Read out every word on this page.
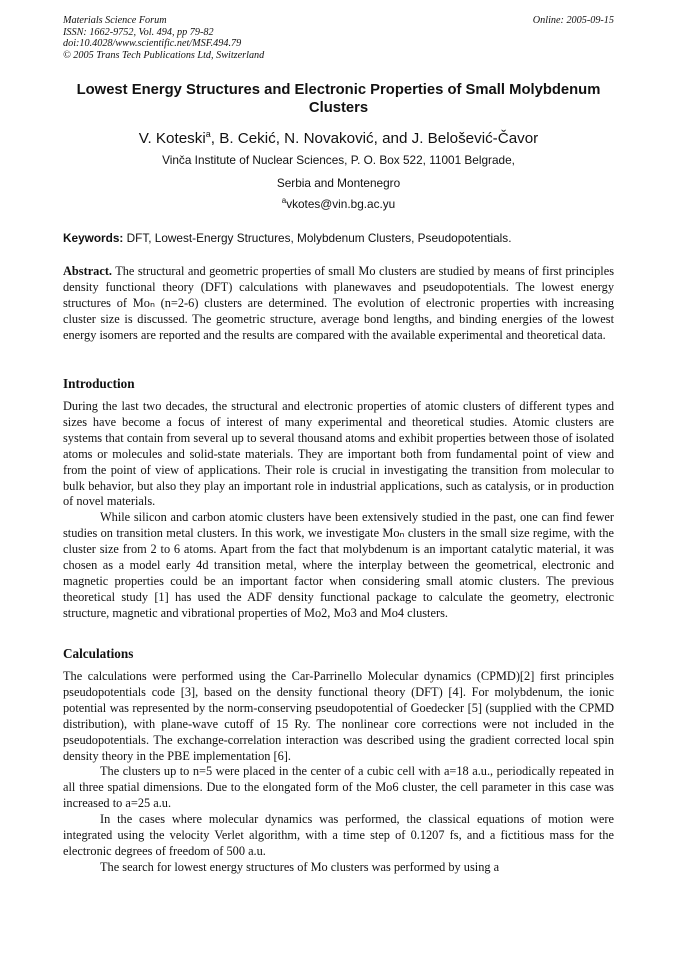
Materials Science Forum
ISSN: 1662-9752, Vol. 494, pp 79-82
doi:10.4028/www.scientific.net/MSF.494.79
© 2005 Trans Tech Publications Ltd, Switzerland
Online: 2005-09-15
Lowest Energy Structures and Electronic Properties of Small Molybdenum Clusters
V. Koteski$^a$, B. Cekić, N. Novaković, and J. Belošević-Čavor
Vinča Institute of Nuclear Sciences, P. O. Box 522, 11001 Belgrade,
Serbia and Montenegro
$^a$vkotes@vin.bg.ac.yu
Keywords: DFT, Lowest-Energy Structures, Molybdenum Clusters, Pseudopotentials.

Abstract. The structural and geometric properties of small Mo clusters are studied by means of first principles density functional theory (DFT) calculations with planewaves and pseudopotentials. The lowest energy structures of Moₙ (n=2-6) clusters are determined. The evolution of electronic properties with increasing cluster size is discussed. The geometric structure, average bond lengths, and binding energies of the lowest energy isomers are reported and the results are compared with the available experimental and theoretical data.

Introduction

During the last two decades, the structural and electronic properties of atomic clusters of different types and sizes have become a focus of interest of many experimental and theoretical studies. Atomic clusters are systems that contain from several up to several thousand atoms and exhibit properties between those of isolated atoms or molecules and solid-state materials. They are important both from fundamental point of view and from the point of view of applications. Their role is crucial in investigating the transition from molecular to bulk behavior, but also they play an important role in industrial applications, such as catalysis, or in production of novel materials.

While silicon and carbon atomic clusters have been extensively studied in the past, one can find fewer studies on transition metal clusters. In this work, we investigate Moₙ clusters in the small size regime, with the cluster size from 2 to 6 atoms. Apart from the fact that molybdenum is an important catalytic material, it was chosen as a model early 4d transition metal, where the interplay between the geometrical, electronic and magnetic properties could be an important factor when considering small atomic clusters. The previous theoretical study [1] has used the ADF density functional package to calculate the geometry, electronic structure, magnetic and vibrational properties of Mo2, Mo3 and Mo4 clusters.

Calculations

The calculations were performed using the Car-Parrinello Molecular dynamics (CPMD)[2] first principles pseudopotentials code [3], based on the density functional theory (DFT) [4]. For molybdenum, the ionic potential was represented by the norm-conserving pseudopotential of Goedecker [5] (supplied with the CPMD distribution), with plane-wave cutoff of 15 Ry. The nonlinear core corrections were not included in the pseudopotentials. The exchange-correlation interaction was described using the gradient corrected local spin density theory in the PBE implementation [6].

The clusters up to n=5 were placed in the center of a cubic cell with a=18 a.u., periodically repeated in all three spatial dimensions. Due to the elongated form of the Mo6 cluster, the cell parameter in this case was increased to a=25 a.u.

In the cases where molecular dynamics was performed, the classical equations of motion were integrated using the velocity Verlet algorithm, with a time step of 0.1207 fs, and a fictitious mass for the electronic degrees of freedom of 500 a.u.

The search for lowest energy structures of Mo clusters was performed by using a
